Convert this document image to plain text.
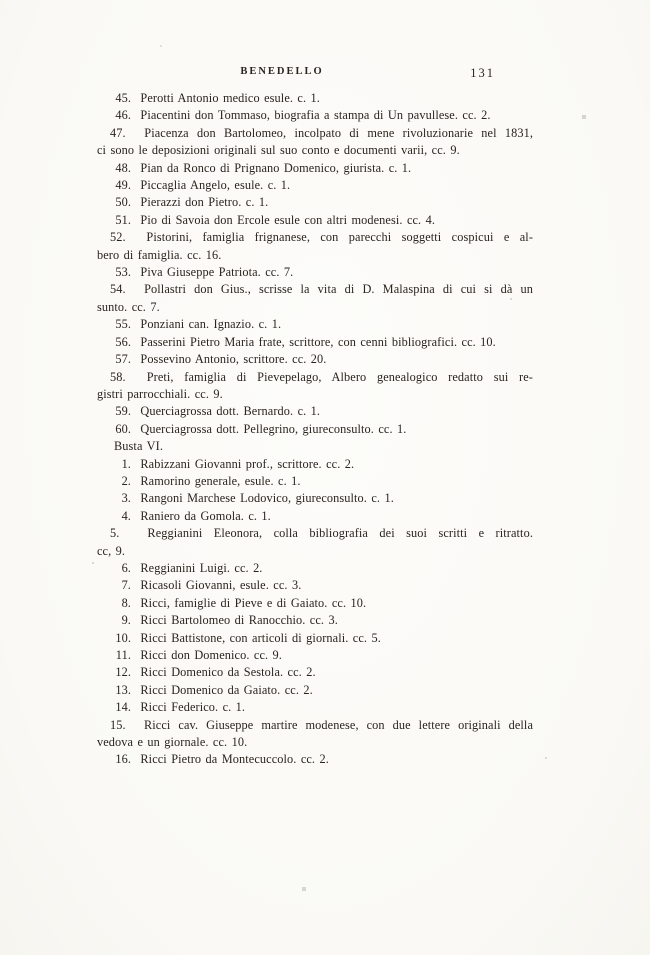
BENEDELLO	131
45. Perotti Antonio medico esule. c. 1.
46. Piacentini don Tommaso, biografia a stampa di Un pavullese. cc. 2.
47. Piacenza don Bartolomeo, incolpato di mene rivoluzionarie nel 1831,
ci sono le deposizioni originali sul suo conto e documenti varii, cc. 9.
48. Pian da Ronco di Prignano Domenico, giurista. c. 1.
49. Piccaglia Angelo, esule. c. 1.
50. Pierazzi don Pietro. c. 1.
51. Pio di Savoia don Ercole esule con altri modenesi. cc. 4.
52. Pistorini, famiglia frignanese, con parecchi soggetti cospicui e al-
bero di famiglia. cc. 16.
53. Piva Giuseppe Patriota. cc. 7.
54. Pollastri don Gius., scrisse la vita di D. Malaspina di cui si dà un
sunto. cc. 7.
55. Ponziani can. Ignazio. c. 1.
56. Passerini Pietro Maria frate, scrittore, con cenni bibliografici. cc. 10.
57. Possevino Antonio, scrittore. cc. 20.
58. Preti, famiglia di Pievepelago, Albero genealogico redatto sui re-
gistri parrocchiali. cc. 9.
59. Querciagrossa dott. Bernardo. c. 1.
60. Querciagrossa dott. Pellegrino, giureconsulto. cc. 1.
Busta VI.
1. Rabizzani Giovanni prof., scrittore. cc. 2.
2. Ramorino generale, esule. c. 1.
3. Rangoni Marchese Lodovico, giureconsulto. c. 1.
4. Raniero da Gomola. c. 1.
5. Reggianini Eleonora, colla bibliografia dei suoi scritti e ritratto.
cc, 9.
6. Reggianini Luigi. cc. 2.
7. Ricasoli Giovanni, esule. cc. 3.
8. Ricci, famiglie di Pieve e di Gaiato. cc. 10.
9. Ricci Bartolomeo di Ranocchio. cc. 3.
10. Ricci Battistone, con articoli di giornali. cc. 5.
11. Ricci don Domenico. cc. 9.
12. Ricci Domenico da Sestola. cc. 2.
13. Ricci Domenico da Gaiato. cc. 2.
14. Ricci Federico. c. 1.
15. Ricci cav. Giuseppe martire modenese, con due lettere originali della
vedova e un giornale. cc. 10.
16. Ricci Pietro da Montecuccolo. cc. 2.
